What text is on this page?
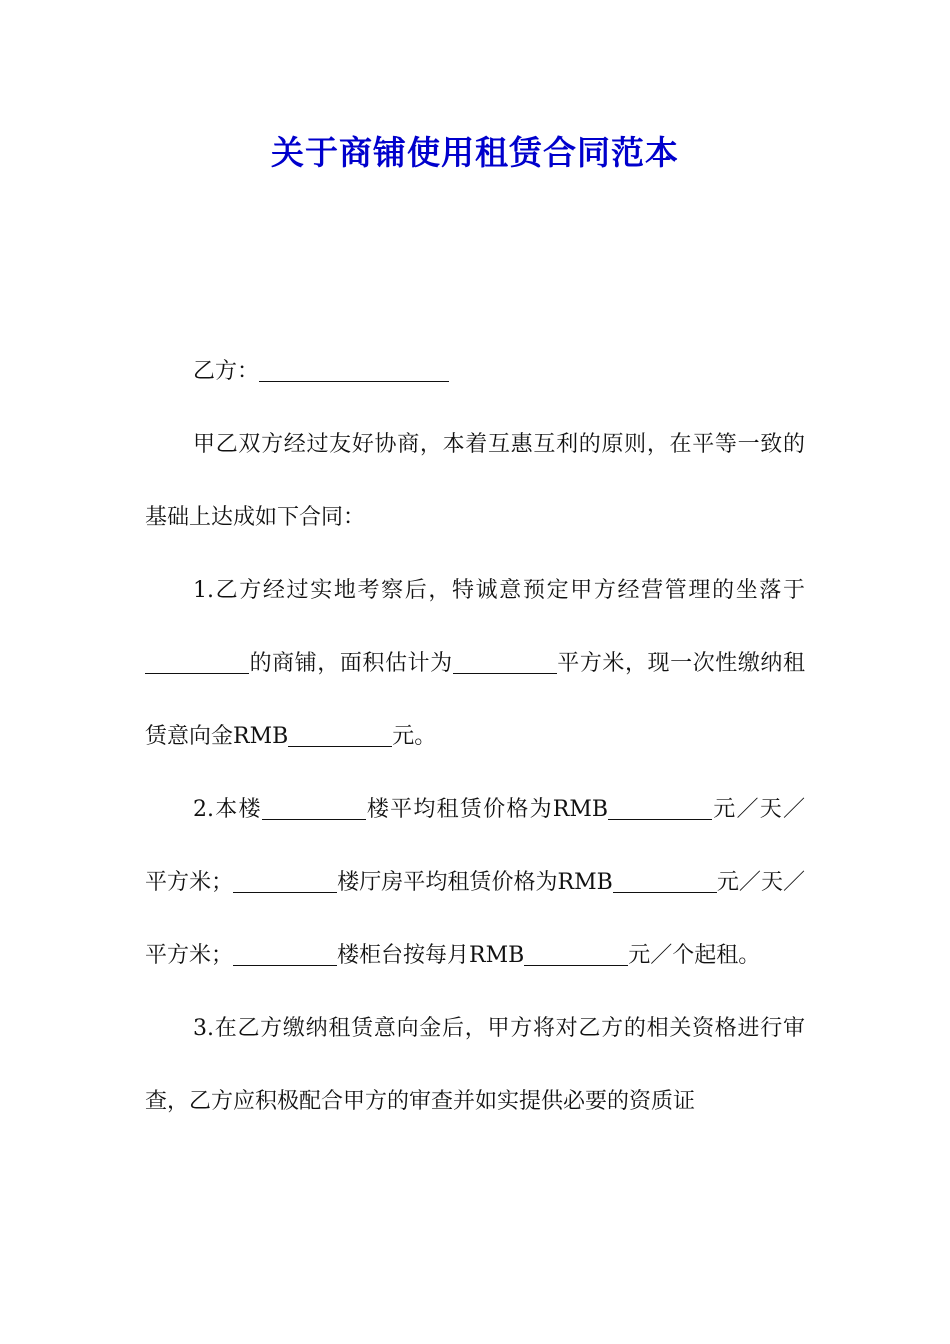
关于商铺使用租赁合同范本

乙方：

甲乙双方经过友好协商，本着互惠互利的原则，在平等一致的基础上达成如下合同：

1.乙方经过实地考察后，特诚意预定甲方经营管理的坐落于的商铺，面积估计为	平方米，现一次性缴纳租赁意向金RMB	元。

2.本楼	楼平均租赁价格为RMB	元／天／平方米；	楼厅房平均租赁价格为RMB	元／天／平方米；	楼柜台按每月RMB	元／个起租。

3.在乙方缴纳租赁意向金后，甲方将对乙方的相关资格进行审查，乙方应积极配合甲方的审查并如实提供必要的资质证
